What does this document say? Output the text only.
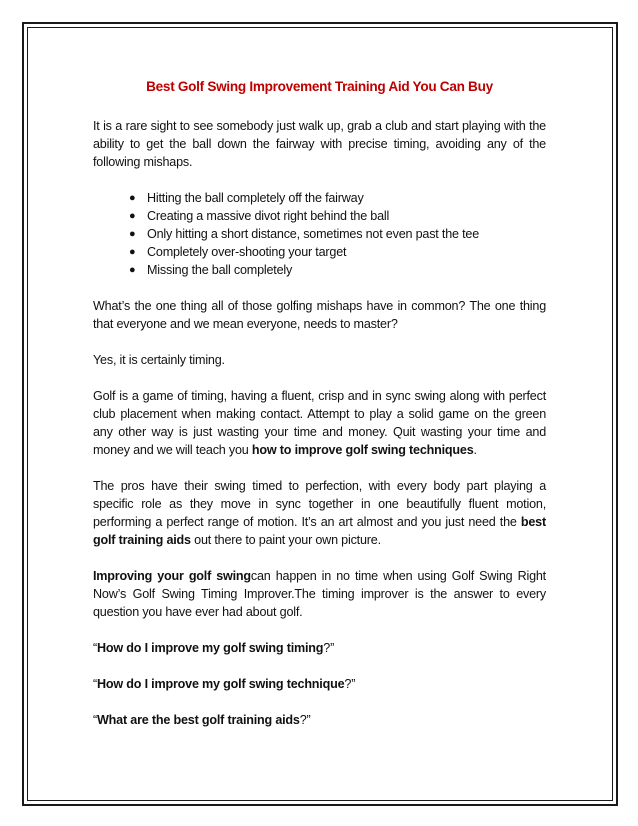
Best Golf Swing Improvement Training Aid You Can Buy

It is a rare sight to see somebody just walk up, grab a club and start playing with the ability to get the ball down the fairway with precise timing, avoiding any of the following mishaps.

● Hitting the ball completely off the fairway
● Creating a massive divot right behind the ball
● Only hitting a short distance, sometimes not even past the tee
● Completely over-shooting your target
● Missing the ball completely

What’s the one thing all of those golfing mishaps have in common? The one thing that everyone and we mean everyone, needs to master?

Yes, it is certainly timing.

Golf is a game of timing, having a fluent, crisp and in sync swing along with perfect club placement when making contact. Attempt to play a solid game on the green any other way is just wasting your time and money. Quit wasting your time and money and we will teach you how to improve golf swing techniques.

The pros have their swing timed to perfection, with every body part playing a specific role as they move in sync together in one beautifully fluent motion, performing a perfect range of motion. It’s an art almost and you just need the best golf training aids out there to paint your own picture.

Improving your golf swingcan happen in no time when using Golf Swing Right Now’s Golf Swing Timing Improver.The timing improver is the answer to every question you have ever had about golf.

“How do I improve my golf swing timing?”
“How do I improve my golf swing technique?”
“What are the best golf training aids?”
